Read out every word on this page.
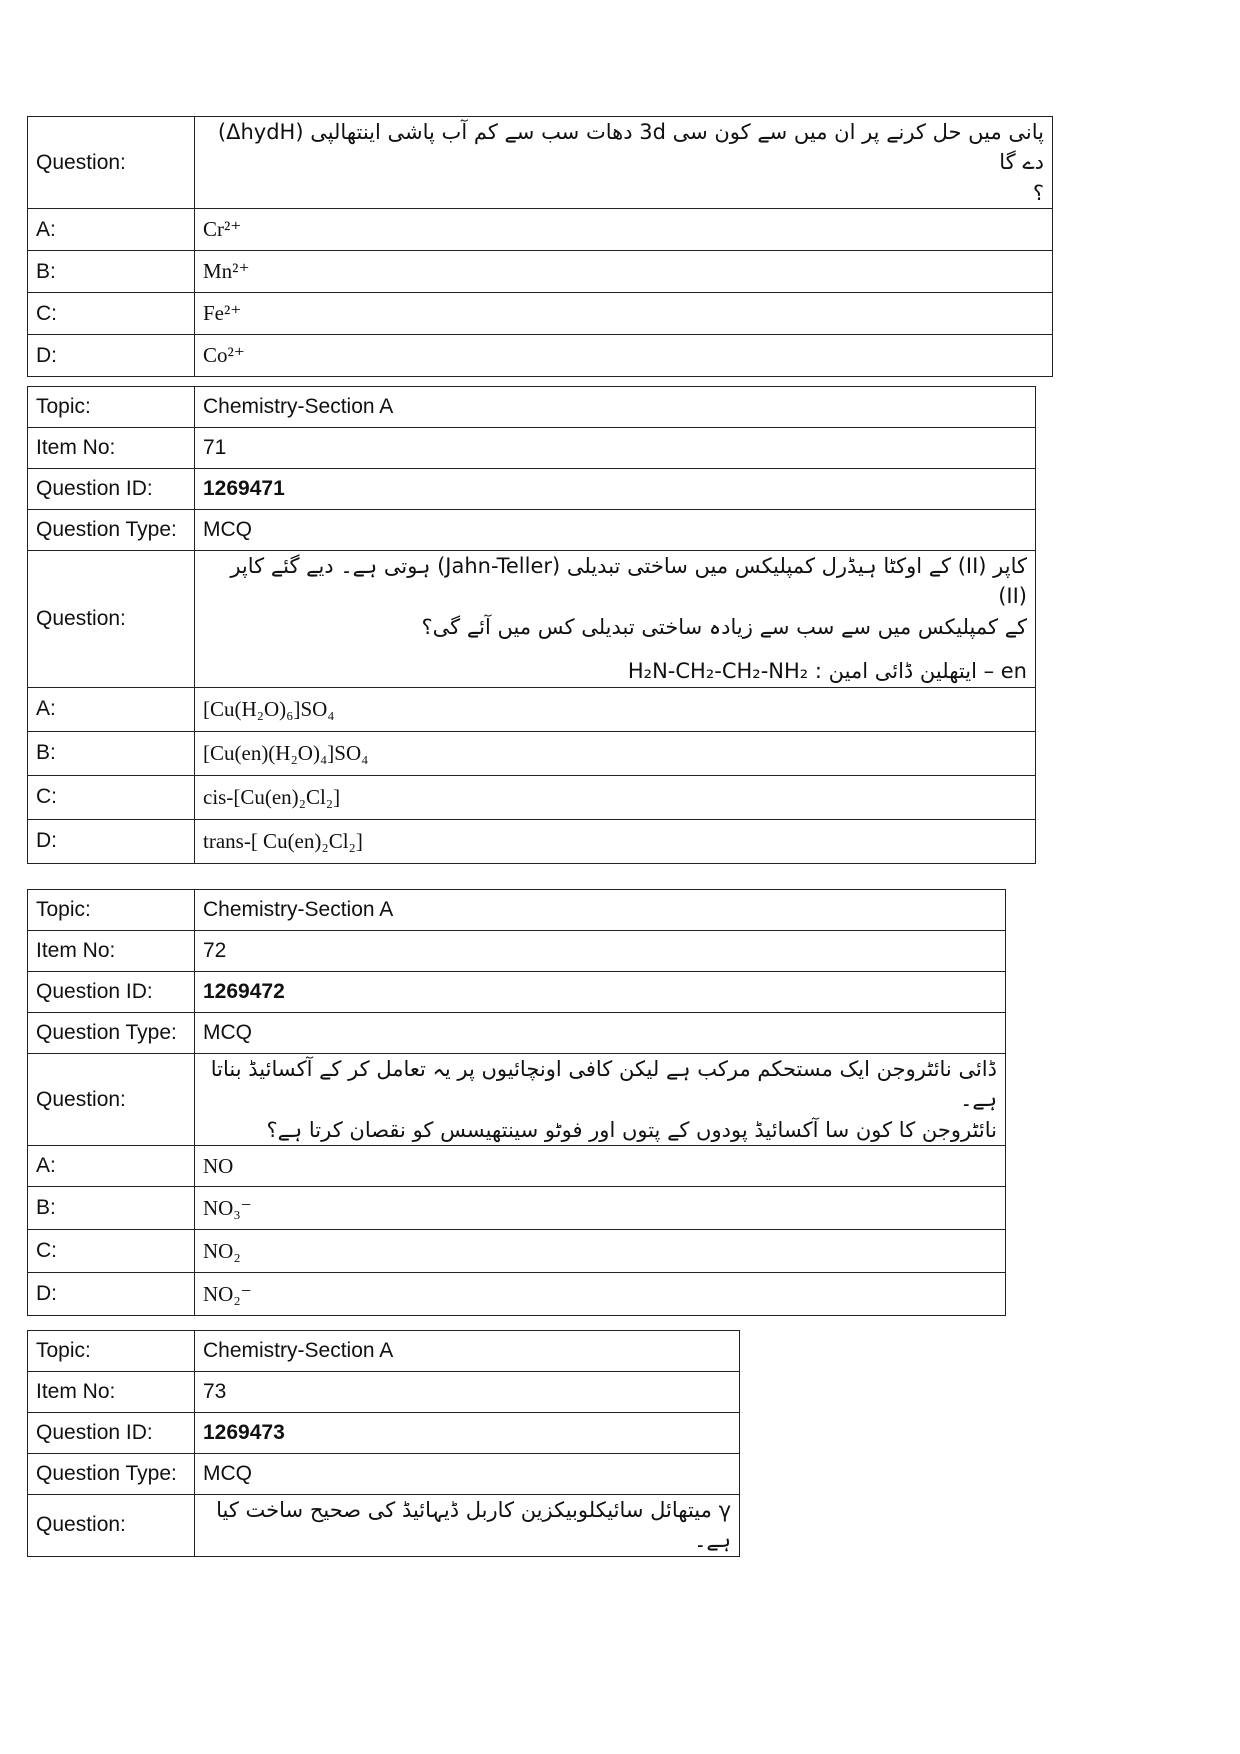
Question:	پانی میں حل کرنے پر ان میں سے کون سی 3d دھات سب سے کم آب پاشی اینتھالپی (ΔhydH) دے گا
؟

A:	Cr²⁺
B:	Mn²⁺
C:	Fe²⁺
D:	Co²⁺
Topic:	Chemistry-Section A
Item No:	71
Question ID:	1269471
Question Type:	MCQ
Question:	کاپر (II) کے اوکٹا ہیڈرل کمپلیکس میں ساختی تبدیلی (Jahn-Teller) ہوتی ہے۔ دیے گئے کاپر (II)
کے کمپلیکس میں سے سب سے زیادہ ساختی تبدیلی کس میں آئے گی؟
en – ایتھلین ڈائی امین : H₂N-CH₂-CH₂-NH₂

A:	[Cu(H₂O)₆]SO₄
B:	[Cu(en)(H₂O)₄]SO₄
C:	cis-[Cu(en)₂Cl₂]
D:	trans-[ Cu(en)₂Cl₂]
Topic:	Chemistry-Section A
Item No:	72
Question ID:	1269472
Question Type:	MCQ
Question:	ڈائی نائٹروجن ایک مستحکم مرکب ہے لیکن کافی اونچائیوں پر یہ تعامل کر کے آکسائیڈ بناتا ہے۔
نائٹروجن کا کون سا آکسائیڈ پودوں کے پتوں اور فوٹو سینتھیسس کو نقصان کرتا ہے؟

A:	NO
B:	NO₃⁻
C:	NO₂
D:	NO₂⁻
Topic:	Chemistry-Section A
Item No:	73
Question ID:	1269473
Question Type:	MCQ
Question:	γ میتھائل سائیکلوبیکزین کاربل ڈیہائیڈ کی صحیح ساخت کیا ہے۔
